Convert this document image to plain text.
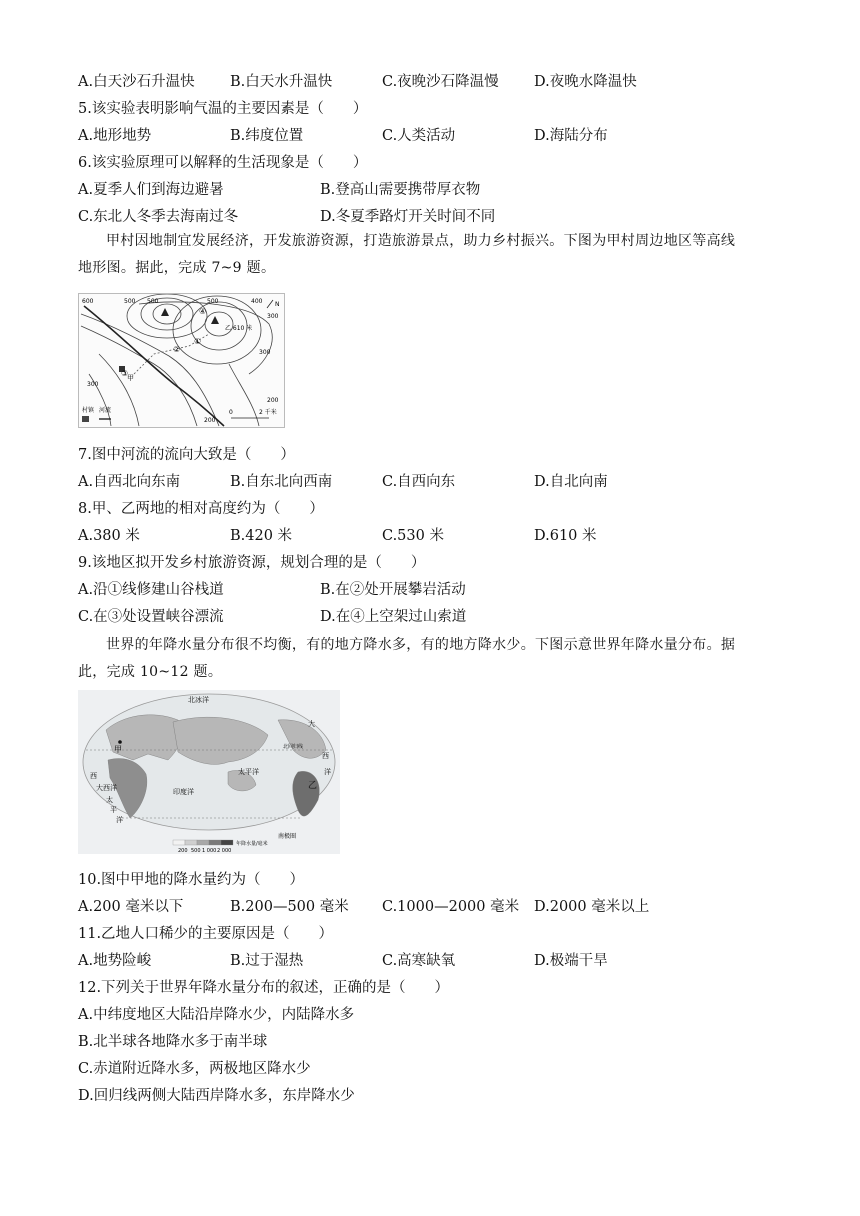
A.白天沙石升温快 B.白天水升温快	C.夜晚沙石降温慢 D.夜晚水降温快
5.该实验表明影响气温的主要因素是（　　）
A.地形地势	B.纬度位置	C.人类活动	D.海陆分布
6.该实验原理可以解释的生活现象是（　　）
A.夏季人们到海边避暑	B.登高山需要携带厚衣物
C.东北人冬季去海南过冬	D.冬夏季路灯开关时间不同
甲村因地制宜发展经济，开发旅游资源，打造旅游景点，助力乡村振兴。下图为甲村周边地区等高线
地形图。据此，完成 7~9 题。
600	500 500	500	400
300
300
200
300
200
①
②
③
④
甲
乙 610 米
N
0	2 千米
村镇 河流
7.图中河流的流向大致是（　　）
A.自西北向东南	B.自东北向西南	C.自西向东	D.自北向南
8.甲、乙两地的相对高度约为（　　）
A.380 米	B.420 米	C.530 米	D.610 米
9.该地区拟开发乡村旅游资源，规划合理的是（　　）
A.沿①线修建山谷栈道	B.在②处开展攀岩活动
C.在③处设置峡谷漂流	D.在④上空架过山索道
世界的年降水量分布很不均衡，有的地方降水多，有的地方降水少。下图示意世界年降水量分布。据
此，完成 10~12 题。
北冰洋
大
太平洋
大西洋	印度洋
西
洋
太
平
洋
南极圈
北回归线
甲
乙
西
200 500 1 000 2 000
年降水量/毫米
10.图中甲地的降水量约为（　　）
A.200 毫米以下	B.200—500 毫米 C.1000—2000 毫米 D.2000 毫米以上
11.乙地人口稀少的主要原因是（　　）
A.地势险峻	B.过于湿热	C.高寒缺氧	D.极端干旱
12.下列关于世界年降水量分布的叙述，正确的是（　　）
A.中纬度地区大陆沿岸降水少，内陆降水多
B.北半球各地降水多于南半球
C.赤道附近降水多，两极地区降水少
D.回归线两侧大陆西岸降水多，东岸降水少
